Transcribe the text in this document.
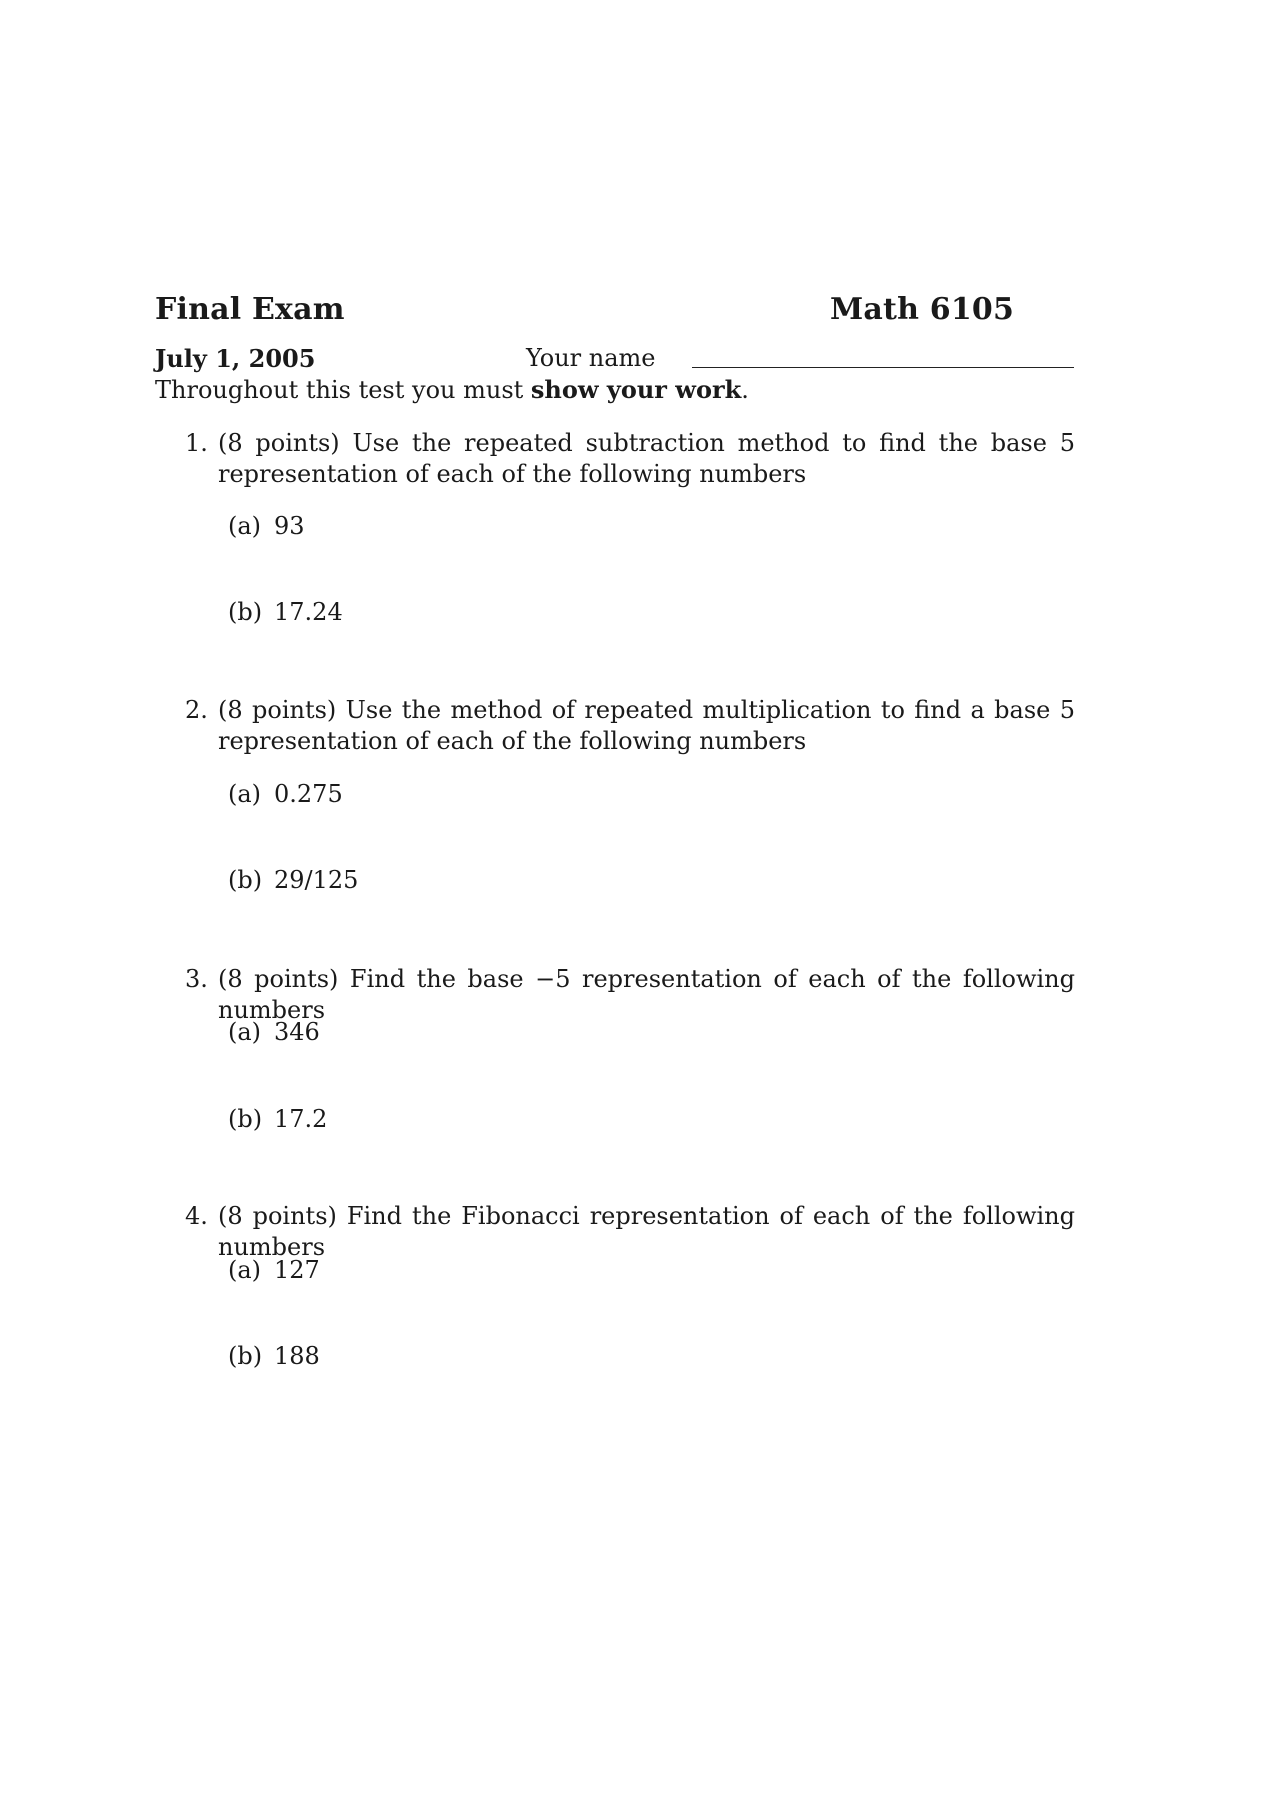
Final Exam	Math 6105
July 1, 2005	Your name
Throughout this test you must show your work.
1. (8 points) Use the repeated subtraction method to find the base 5 representation of each of the following numbers
(a) 93
(b) 17.24
2. (8 points) Use the method of repeated multiplication to find a base 5 representation of each of the following numbers
(a) 0.275
(b) 29/125
3. (8 points) Find the base −5 representation of each of the following numbers
(a) 346
(b) 17.2
4. (8 points) Find the Fibonacci representation of each of the following numbers
(a) 127
(b) 188
